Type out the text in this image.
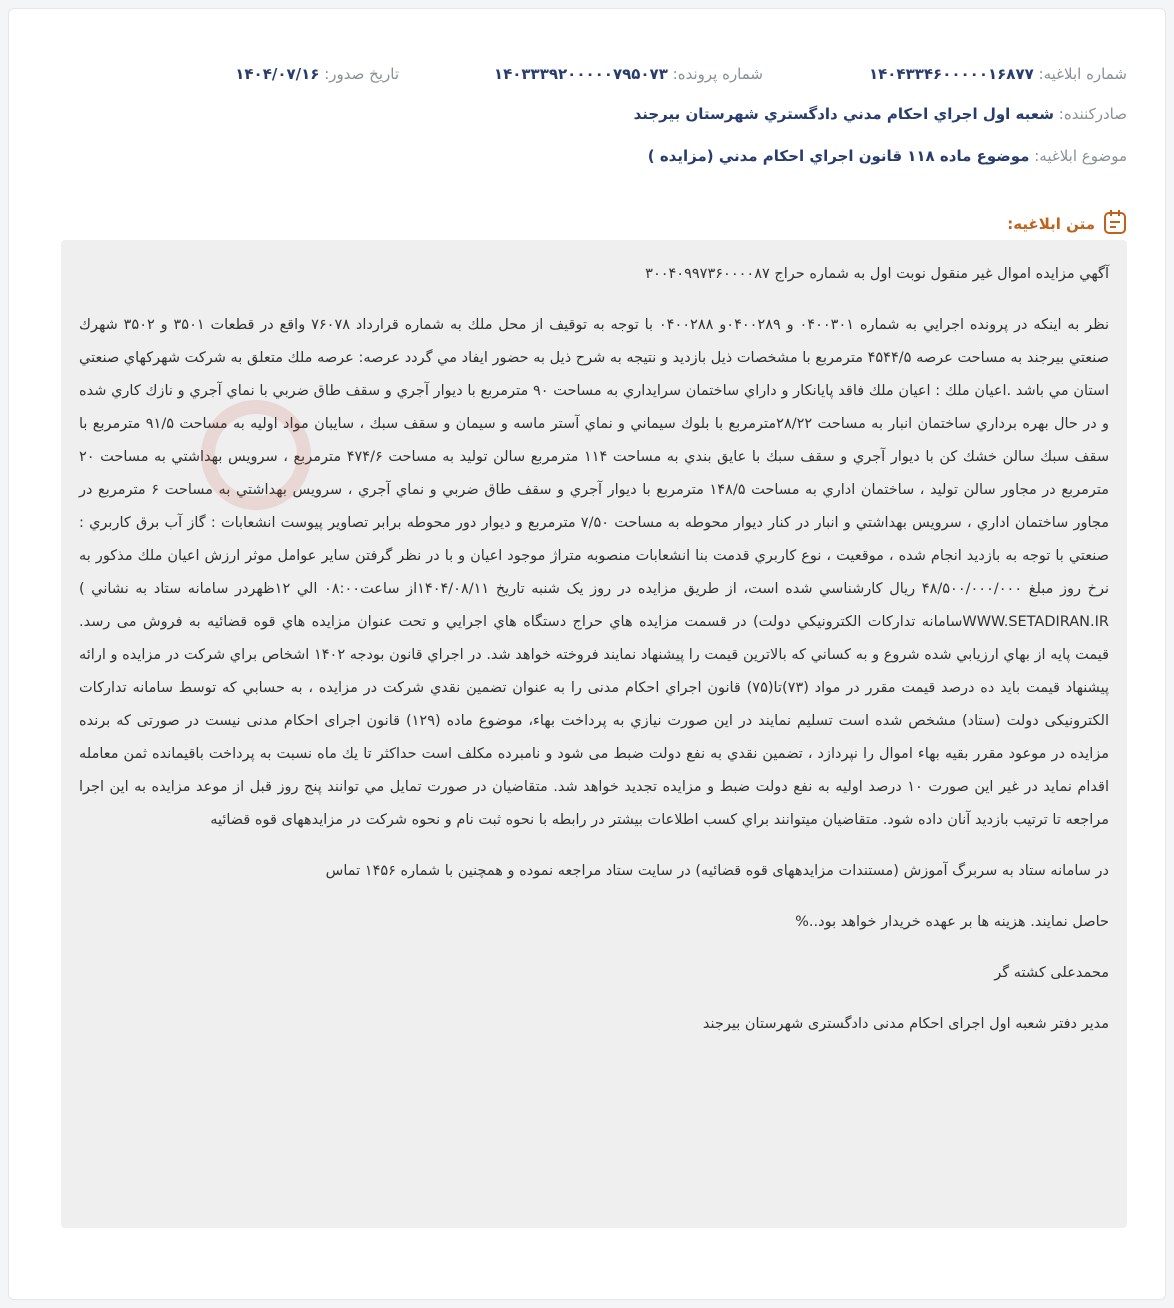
شماره ابلاغيه: ۱۴۰۴۳۳۴۶۰۰۰۰۰۱۶۸۷۷
شماره پرونده: ۱۴۰۳۳۳۹۲۰۰۰۰۰۷۹۵۰۷۳
تاريخ صدور: ۱۴۰۴/۰۷/۱۶
صادرکننده: شعبه اول اجراي احكام مدني دادگستري شهرستان بيرجند
موضوع ابلاغيه: موضوع ماده ۱۱۸ قانون اجراي احكام مدني (مزايده )
متن ابلاغيه:

آگهي مزايده اموال غير منقول نوبت اول به شماره حراج ۳۰۰۴۰۹۹۷۳۶۰۰۰۰۸۷

نظر به اينكه در پرونده اجرايي به شماره ۰۴۰۰۳۰۱ و ۰۴۰۰۲۸۹و ۰۴۰۰۲۸۸ با توجه به توقيف از محل ملك به شماره قرارداد ۷۶۰۷۸ واقع در قطعات ۳۵۰۱ و ۳۵۰۲ شهرك صنعتي بيرجند به مساحت عرصه ۴۵۴۴/۵ مترمربع با مشخصات ذيل بازديد و نتيجه به شرح ذيل به حضور ايفاد مي گردد عرصه: عرصه ملك متعلق به شركت شهركهاي صنعتي استان مي باشد .اعيان ملك : اعيان ملك فاقد پايانكار و داراي ساختمان سرايداري به مساحت ۹۰ مترمربع با ديوار آجري و سقف طاق ضربي با نماي آجري و نازك كاري شده و در حال بهره برداري ساختمان انبار به مساحت ۲۸/۲۲مترمربع با بلوك سيماني و نماي آستر ماسه و سيمان و سقف سبك ، سايبان مواد اوليه به مساحت ۹۱/۵ مترمربع با سقف سبك سالن خشك كن با ديوار آجري و سقف سبك با عايق بندي به مساحت ۱۱۴ مترمربع سالن توليد به مساحت ۴۷۴/۶ مترمربع ، سرويس بهداشتي به مساحت ۲۰ مترمربع در مجاور سالن توليد ، ساختمان اداري به مساحت ۱۴۸/۵ مترمربع با ديوار آجري و سقف طاق ضربي و نماي آجري ، سرويس بهداشتي به مساحت ۶ مترمربع در مجاور ساختمان اداري ، سرويس بهداشتي و انبار در كنار ديوار محوطه به مساحت ۷/۵۰ مترمربع و ديوار دور محوطه برابر تصاوير پيوست انشعابات : گاز آب برق كاربري : صنعتي با توجه به بازديد انجام شده ، موقعيت ، نوع كاربري قدمت بنا انشعابات منصوبه متراژ موجود اعيان و با در نظر گرفتن ساير عوامل موثر ارزش اعيان ملك مذكور به نرخ روز مبلغ ۴۸/۵۰۰/۰۰۰/۰۰۰ ريال كارشناسي شده است، از طريق مزايده در روز يک شنبه تاريخ ۱۴۰۴/۰۸/۱۱از ساعت۰۸:۰۰ الي ۱۲ظهردر سامانه ستاد به نشاني ) WWW.SETADIRAN.IRسامانه تداركات الكترونيكي دولت) در قسمت مزايده هاي حراج دستگاه هاي اجرايي و تحت عنوان مزايده هاي قوه قضائيه به فروش مى رسد. قيمت پايه از بهاي ارزيابي شده شروع و به كساني كه بالاترين قيمت را پيشنهاد نمايند فروخته خواهد شد. در اجراي قانون بودجه ۱۴۰۲ اشخاص براي شرکت در مزايده و ارائه پيشنهاد قيمت بايد ده درصد قيمت مقرر در مواد (۷۳)تا(۷۵) قانون اجراي احکام مدنی را به عنوان تضمين نقدي شركت در مزايده ، به حسابي كه توسط سامانه تداركات الكترونيكی دولت (ستاد) مشخص شده است تسليم نمايند در اين صورت نيازي به پرداخت بهاء، موضوع ماده (۱۲۹) قانون اجرای احکام مدنی نيست در صورتی که برنده مزايده در موعود مقرر بقيه بهاء اموال را نپردازد ، تضمين نقدي به نفع دولت ضبط می شود و نامبرده مكلف است حداكثر تا يك ماه نسبت به پرداخت باقيمانده ثمن معامله اقدام نمايد در غير اين صورت ۱۰ درصد اوليه به نفع دولت ضبط و مزايده تجديد خواهد شد. متقاضيان در صورت تمايل مي توانند پنج روز قبل از موعد مزايده به اين اجرا مراجعه تا ترتيب بازديد آنان داده شود. متقاضيان ميتوانند براي كسب اطلاعات بيشتر در رابطه با نحوه ثبت نام و نحوه شركت در مزايدههای قوه قضائيه

در سامانه ستاد به سربرگ آموزش (مستندات مزايدههای قوه قضائيه) در سايت ستاد مراجعه نموده و همچنين با شماره ۱۴۵۶ تماس

حاصل نمايند. هزينه ها بر عهده خريدار خواهد بود..%

محمدعلی کشته گر

مدير دفتر شعبه اول اجرای احکام مدنی دادگستری شهرستان بيرجند
